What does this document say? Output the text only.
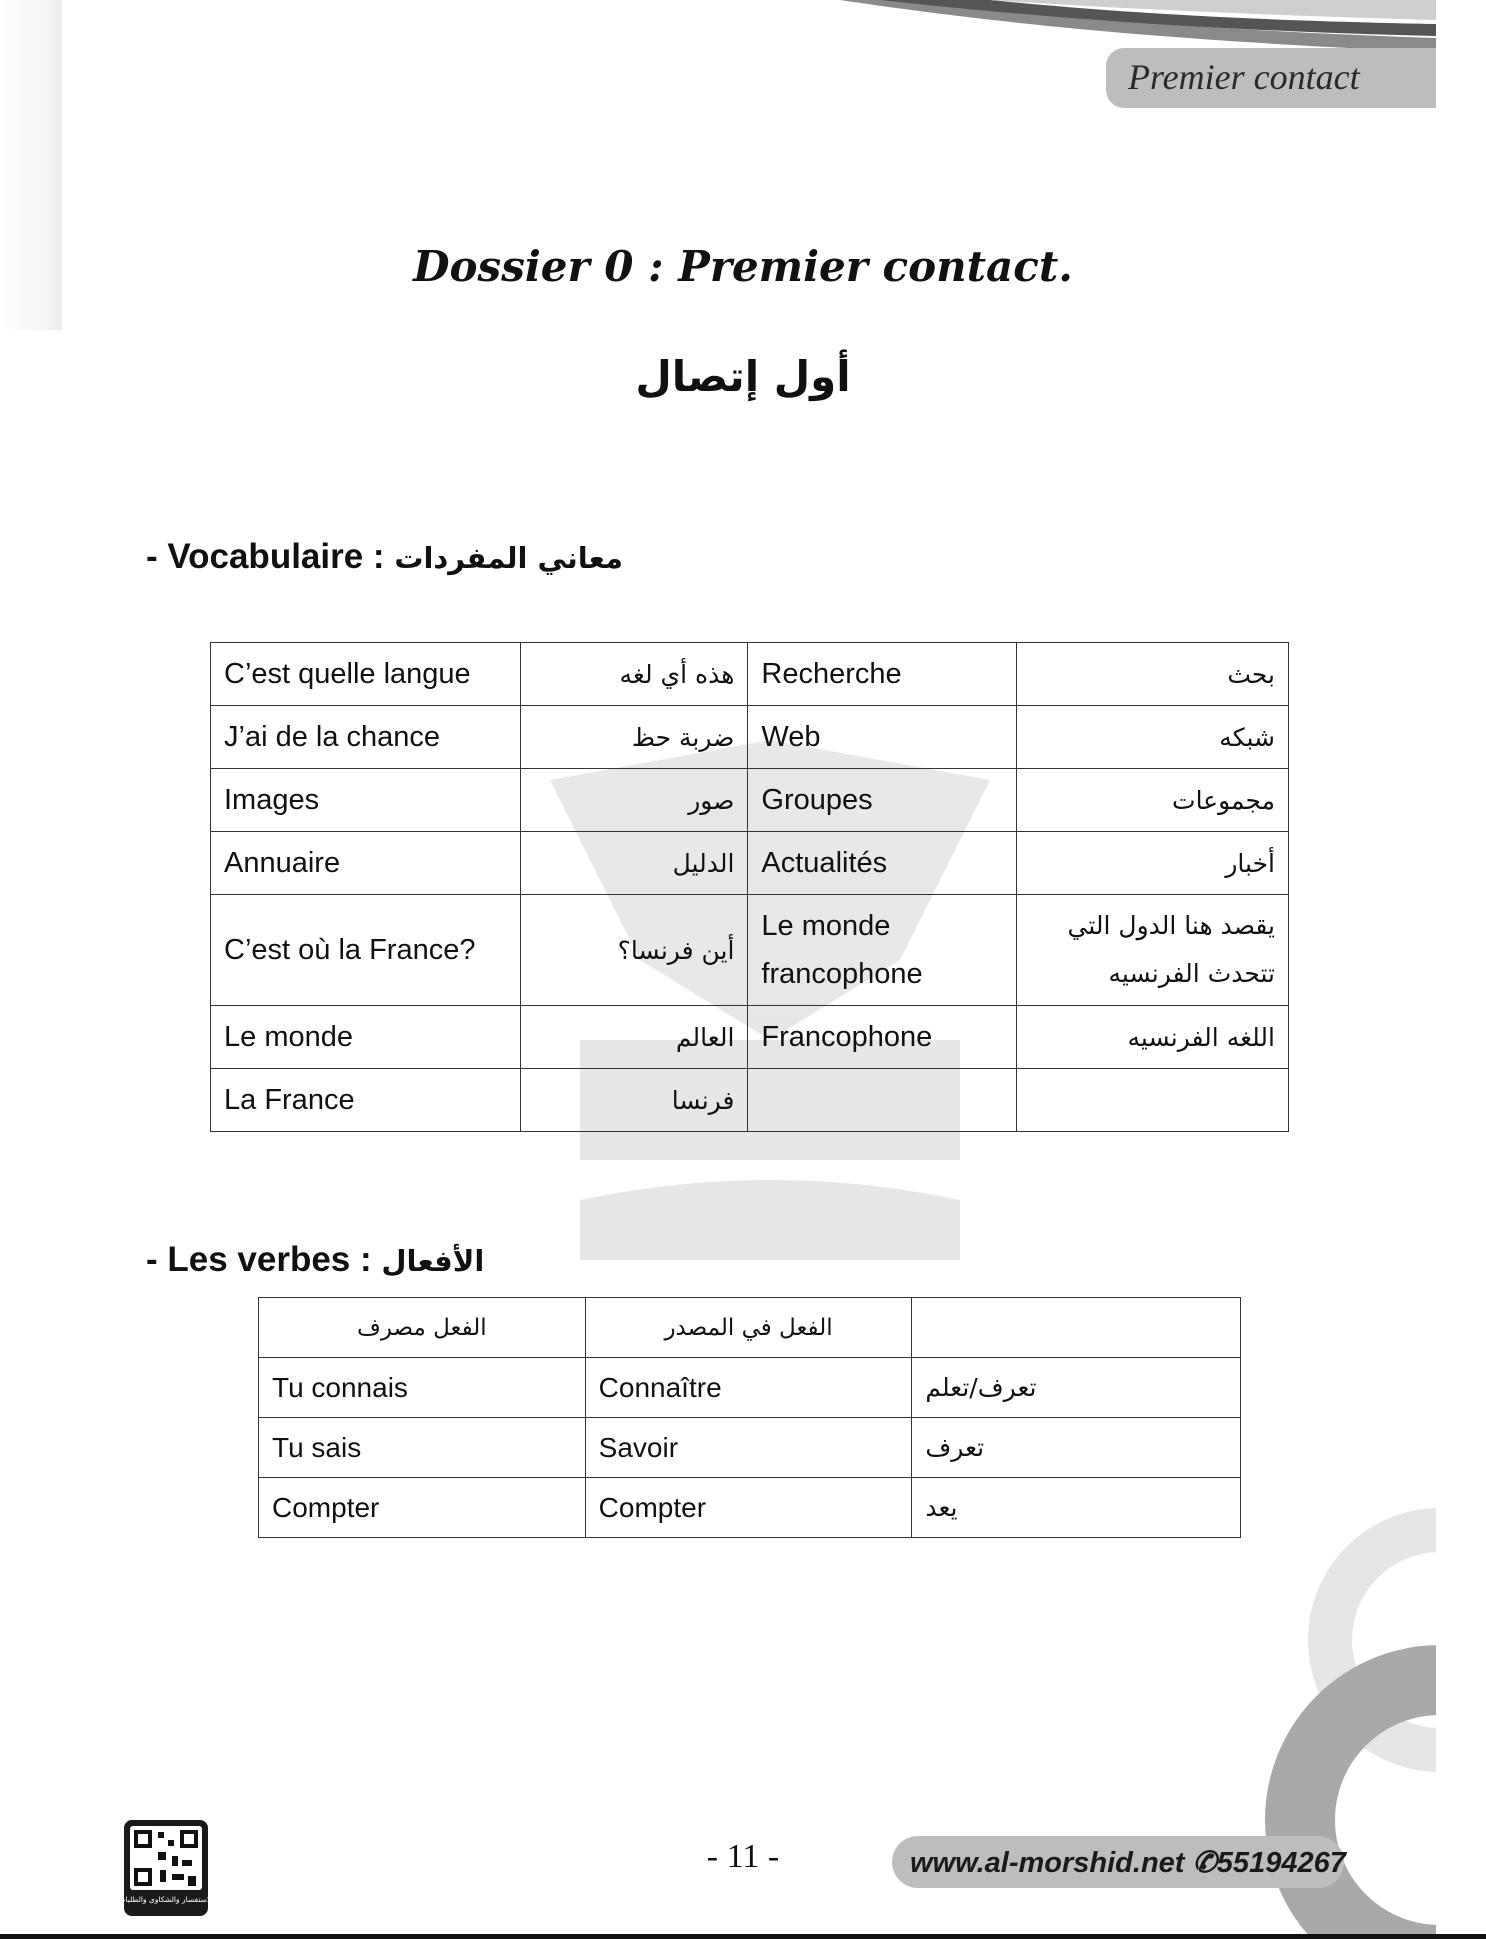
Premier contact
Dossier 0 : Premier contact.
أول إتصال
- Vocabulaire : معاني المفردات
C’est quelle langue	هذه أي لغه	Recherche	بحث
J’ai de la chance	ضربة حظ	Web	شبكه
Images	صور	Groupes	مجموعات
Annuaire	الدليل	Actualités	أخبار
C’est où la France?	أين فرنسا؟	Le monde francophone	يقصد هنا الدول التي تتحدث الفرنسيه
Le monde	العالم	Francophone	اللغه الفرنسيه
La France	فرنسا		
- Les verbes : الأفعال
الفعل مصرف	الفعل في المصدر	
Tu connais	Connaître	تعرف/تعلم
Tu sais	Savoir	تعرف
Compter	Compter	يعد
للاستفسار والشكاوى والطلبات
- 11 -	www.al-morshid.net ✆55194267
